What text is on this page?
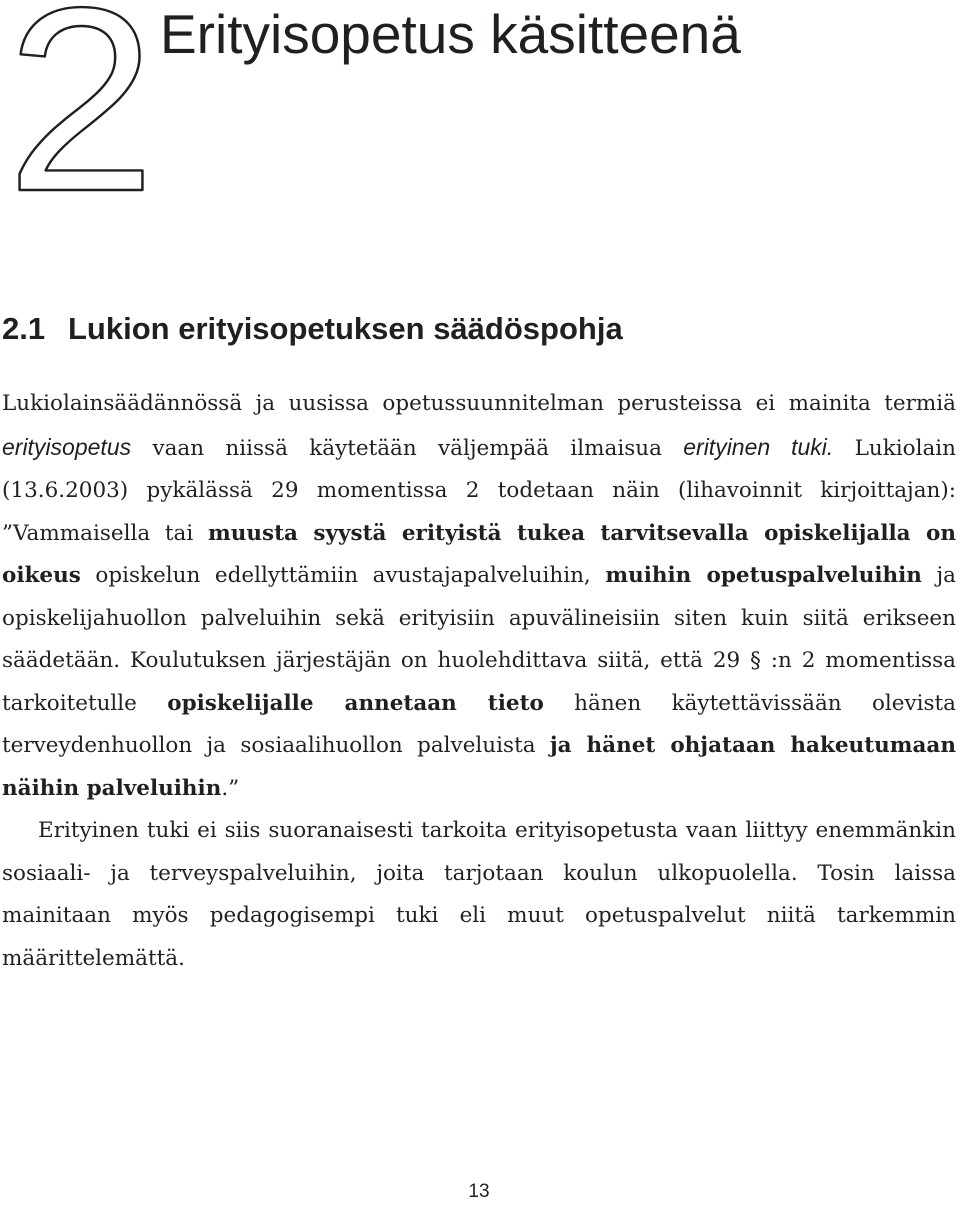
2 Erityisopetus käsitteenä
2.1 Lukion erityisopetuksen säädöspohja

Lukiolainsäädännössä ja uusissa opetussuunnitelman perusteissa ei mainita termiä erityisopetus vaan niissä käytetään väljempää ilmaisua erityinen tuki. Lukiolain (13.6.2003) pykälässä 29 momentissa 2 todetaan näin (lihavoinnit kirjoittajan): ”Vammaisella tai muusta syystä erityistä tukea tarvitsevalla opiskelijalla on oikeus opiskelun edellyttämiin avustajapalveluihin, muihin opetuspalveluihin ja opiskelijahuollon palveluihin sekä erityisiin apuvälineisiin siten kuin siitä erikseen säädetään. Koulutuksen järjestäjän on huolehdittava siitä, että 29 § :n 2 momentissa tarkoitetulle opiskelijalle annetaan tieto hänen käytettävissään olevista terveydenhuollon ja sosiaalihuollon palveluista ja hänet ohjataan hakeutumaan näihin palveluihin.”

Erityinen tuki ei siis suoranaisesti tarkoita erityisopetusta vaan liittyy enemmänkin sosiaali- ja terveyspalveluihin, joita tarjotaan koulun ulkopuolella. Tosin laissa mainitaan myös pedagogisempi tuki eli muut opetuspalvelut niitä tarkemmin määrittelemättä.

13
